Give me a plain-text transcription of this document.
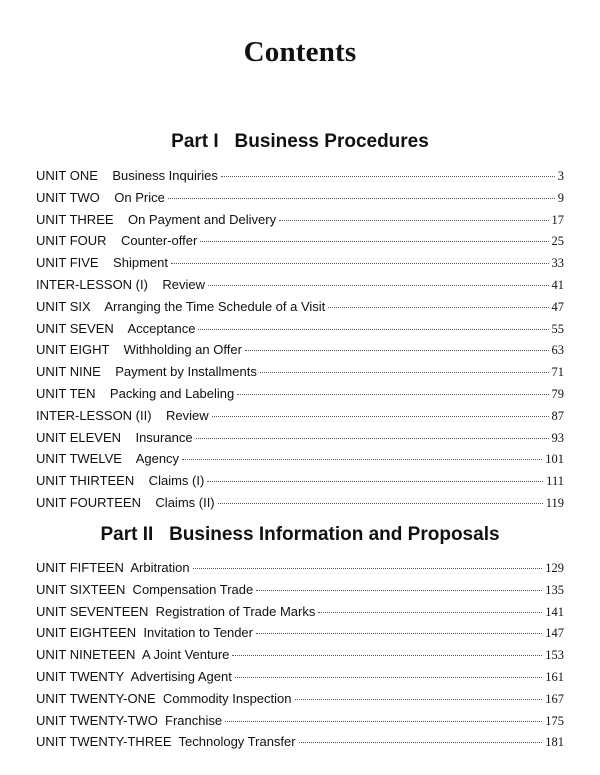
Contents
Part I   Business Procedures
UNIT ONE    Business Inquiries	3
UNIT TWO    On Price	9
UNIT THREE    On Payment and Delivery	17
UNIT FOUR    Counter-offer	25
UNIT FIVE    Shipment	33
INTER-LESSON (I)    Review	41
UNIT SIX    Arranging the Time Schedule of a Visit	47
UNIT SEVEN    Acceptance	55
UNIT EIGHT    Withholding an Offer	63
UNIT NINE    Payment by Installments	71
UNIT TEN    Packing and Labeling	79
INTER-LESSON (II)    Review	87
UNIT ELEVEN    Insurance	93
UNIT TWELVE    Agency	101
UNIT THIRTEEN    Claims (I)	111
UNIT FOURTEEN    Claims (II)	119
Part II   Business Information and Proposals
UNIT FIFTEEN  Arbitration	129
UNIT SIXTEEN  Compensation Trade	135
UNIT SEVENTEEN  Registration of Trade Marks	141
UNIT EIGHTEEN  Invitation to Tender	147
UNIT NINETEEN  A Joint Venture	153
UNIT TWENTY  Advertising Agent	161
UNIT TWENTY-ONE  Commodity Inspection	167
UNIT TWENTY-TWO  Franchise	175
UNIT TWENTY-THREE  Technology Transfer	181
